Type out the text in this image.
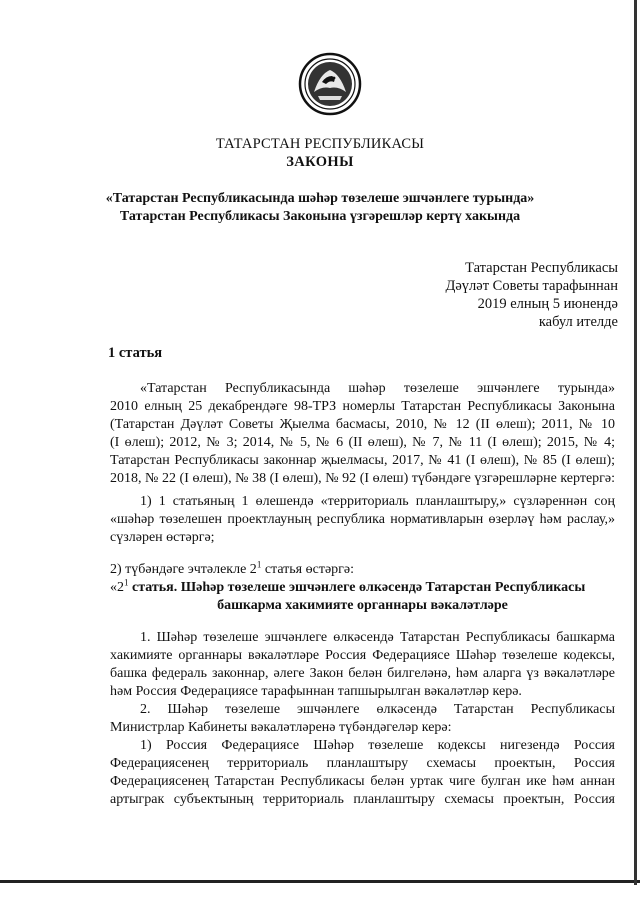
ТАТАРСТАН РЕСПУБЛИКАСЫ
ЗАКОНЫ
«Татарстан Республикасында шәһәр төзелеше эшчәнлеге турында»
Татарстан Республикасы Законына үзгәрешләр кертү хакында
Татарстан Республикасы
Дәүләт Советы тарафыннан
2019 елның 5 июнендә
кабул ителде
1 статья
«Татарстан Республикасында шәһәр төзелеше эшчәнлеге турында»
2010 елның 25 декабрендәге 98-ТРЗ номерлы Татарстан Республикасы Законына
(Татарстан Дәүләт Советы Җыелма басмасы, 2010, № 12 (II өлеш); 2011, № 10
(I өлеш); 2012, № 3; 2014, № 5, № 6 (II өлеш), № 7, № 11 (I өлеш); 2015, № 4;
Татарстан Республикасы законнар җыелмасы, 2017, № 41 (I өлеш), № 85 (I өлеш);
2018, № 22 (I өлеш), № 38 (I өлеш), № 92 (I өлеш) түбәндәге үзгәрешләрне кертергә:
1) 1 статьяның 1 өлешендә «территориаль планлаштыру,» сүзләреннән соң
«шәһәр төзелешен проектлауның республика нормативларын өзерләү һәм раслау,»
сүзләрен өстәргә;
2) түбәндәге эчтәлекле $2^1$ статья өстәргә:
«$2^1$ статья. Шәһәр төзелеше эшчәнлеге өлкәсендә Татарстан Республикасы
башкарма хакимияте органнары вәкаләтләре
1. Шәһәр төзелеше эшчәнлеге өлкәсендә Татарстан Республикасы башкарма
хакимияте органнары вәкаләтләре Россия Федерациясе Шәһәр төзелеше кодексы,
башка федераль законнар, әлеге Закон белән билгеләнә, һәм аларга үз вәкаләтләре
һәм Россия Федерациясе тарафыннан тапшырылган вәкаләтләр керә.
2. Шәһәр төзелеше эшчәнлеге өлкәсендә Татарстан Республикасы
Министрлар Кабинеты вәкаләтләренә түбәндәгеләр керә:
1) Россия Федерациясе Шәһәр төзелеше кодексы нигезендә Россия
Федерациясенең территориаль планлаштыру схемасы проектын, Россия
Федерациясенең Татарстан Республикасы белән уртак чиге булган ике һәм аннан
артыграк субъектының территориаль планлаштыру схемасы проектын, Россия
